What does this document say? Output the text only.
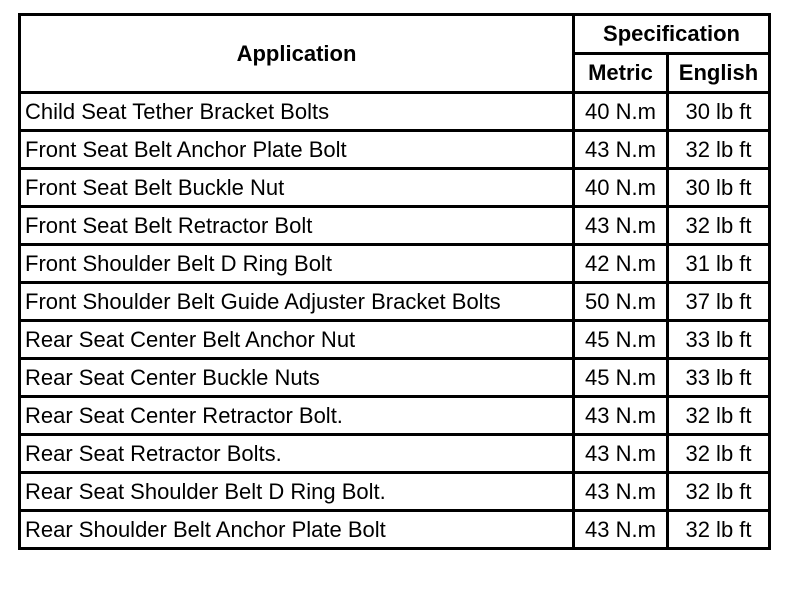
Application	Specification	
	Metric	English
Child Seat Tether Bracket Bolts	40 N.m	30 lb ft
Front Seat Belt Anchor Plate Bolt	43 N.m	32 lb ft
Front Seat Belt Buckle Nut	40 N.m	30 lb ft
Front Seat Belt Retractor Bolt	43 N.m	32 lb ft
Front Shoulder Belt D Ring Bolt	42 N.m	31 lb ft
Front Shoulder Belt Guide Adjuster Bracket Bolts	50 N.m	37 lb ft
Rear Seat Center Belt Anchor Nut	45 N.m	33 lb ft
Rear Seat Center Buckle Nuts	45 N.m	33 lb ft
Rear Seat Center Retractor Bolt.	43 N.m	32 lb ft
Rear Seat Retractor Bolts.	43 N.m	32 lb ft
Rear Seat Shoulder Belt D Ring Bolt.	43 N.m	32 lb ft
Rear Shoulder Belt Anchor Plate Bolt	43 N.m	32 lb ft
